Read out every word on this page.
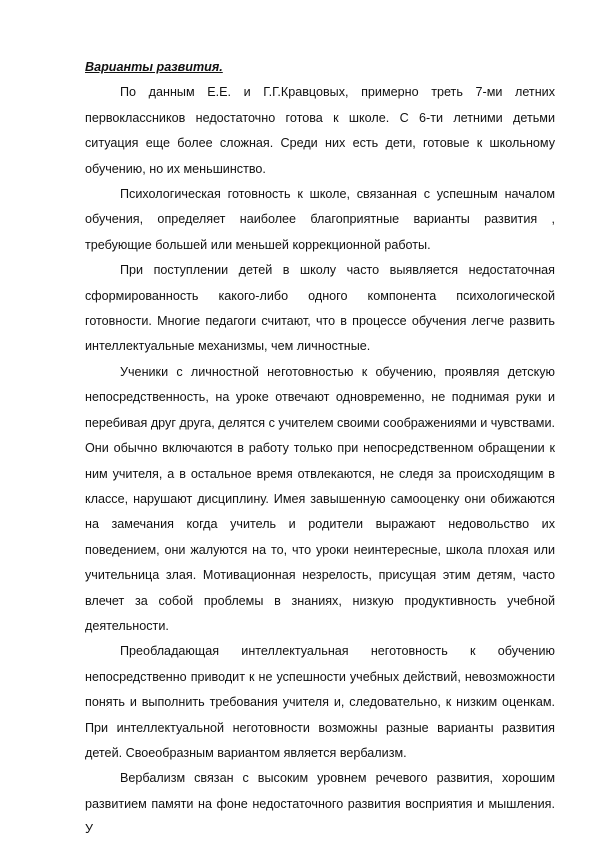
Варианты развития.

По данным Е.Е. и Г.Г.Кравцовых, примерно треть 7-ми летних первоклассников недостаточно готова к школе. С 6-ти летними детьми ситуация еще более сложная. Среди них есть дети, готовые к школьному обучению, но их меньшинство.

Психологическая готовность к школе, связанная с успешным началом обучения, определяет наиболее благоприятные варианты развития , требующие большей или меньшей коррекционной работы.

При поступлении детей в школу часто выявляется недостаточная сформированность какого-либо одного компонента психологической готовности. Многие педагоги считают, что в процессе обучения легче развить интеллектуальные механизмы, чем личностные.

Ученики с личностной неготовностью к обучению, проявляя детскую непосредственность, на уроке отвечают одновременно, не поднимая руки и перебивая друг друга, делятся с учителем своими соображениями и чувствами. Они обычно включаются в работу только при непосредственном обращении к ним учителя, а в остальное время отвлекаются, не следя за происходящим в классе, нарушают дисциплину. Имея завышенную самооценку они обижаются на замечания когда учитель и родители выражают недовольство их поведением, они жалуются на то, что уроки неинтересные, школа плохая или учительница злая. Мотивационная незрелость, присущая этим детям, часто влечет за собой проблемы в знаниях, низкую продуктивность учебной деятельности.

Преобладающая интеллектуальная неготовность к обучению непосредственно приводит к не успешности учебных действий, невозможности понять и выполнить требования учителя и, следовательно, к низким оценкам. При интеллектуальной неготовности возможны разные варианты развития детей. Своеобразным вариантом является вербализм.

Вербализм связан с высоким уровнем речевого развития, хорошим развитием памяти на фоне недостаточного развития восприятия и мышления. У
